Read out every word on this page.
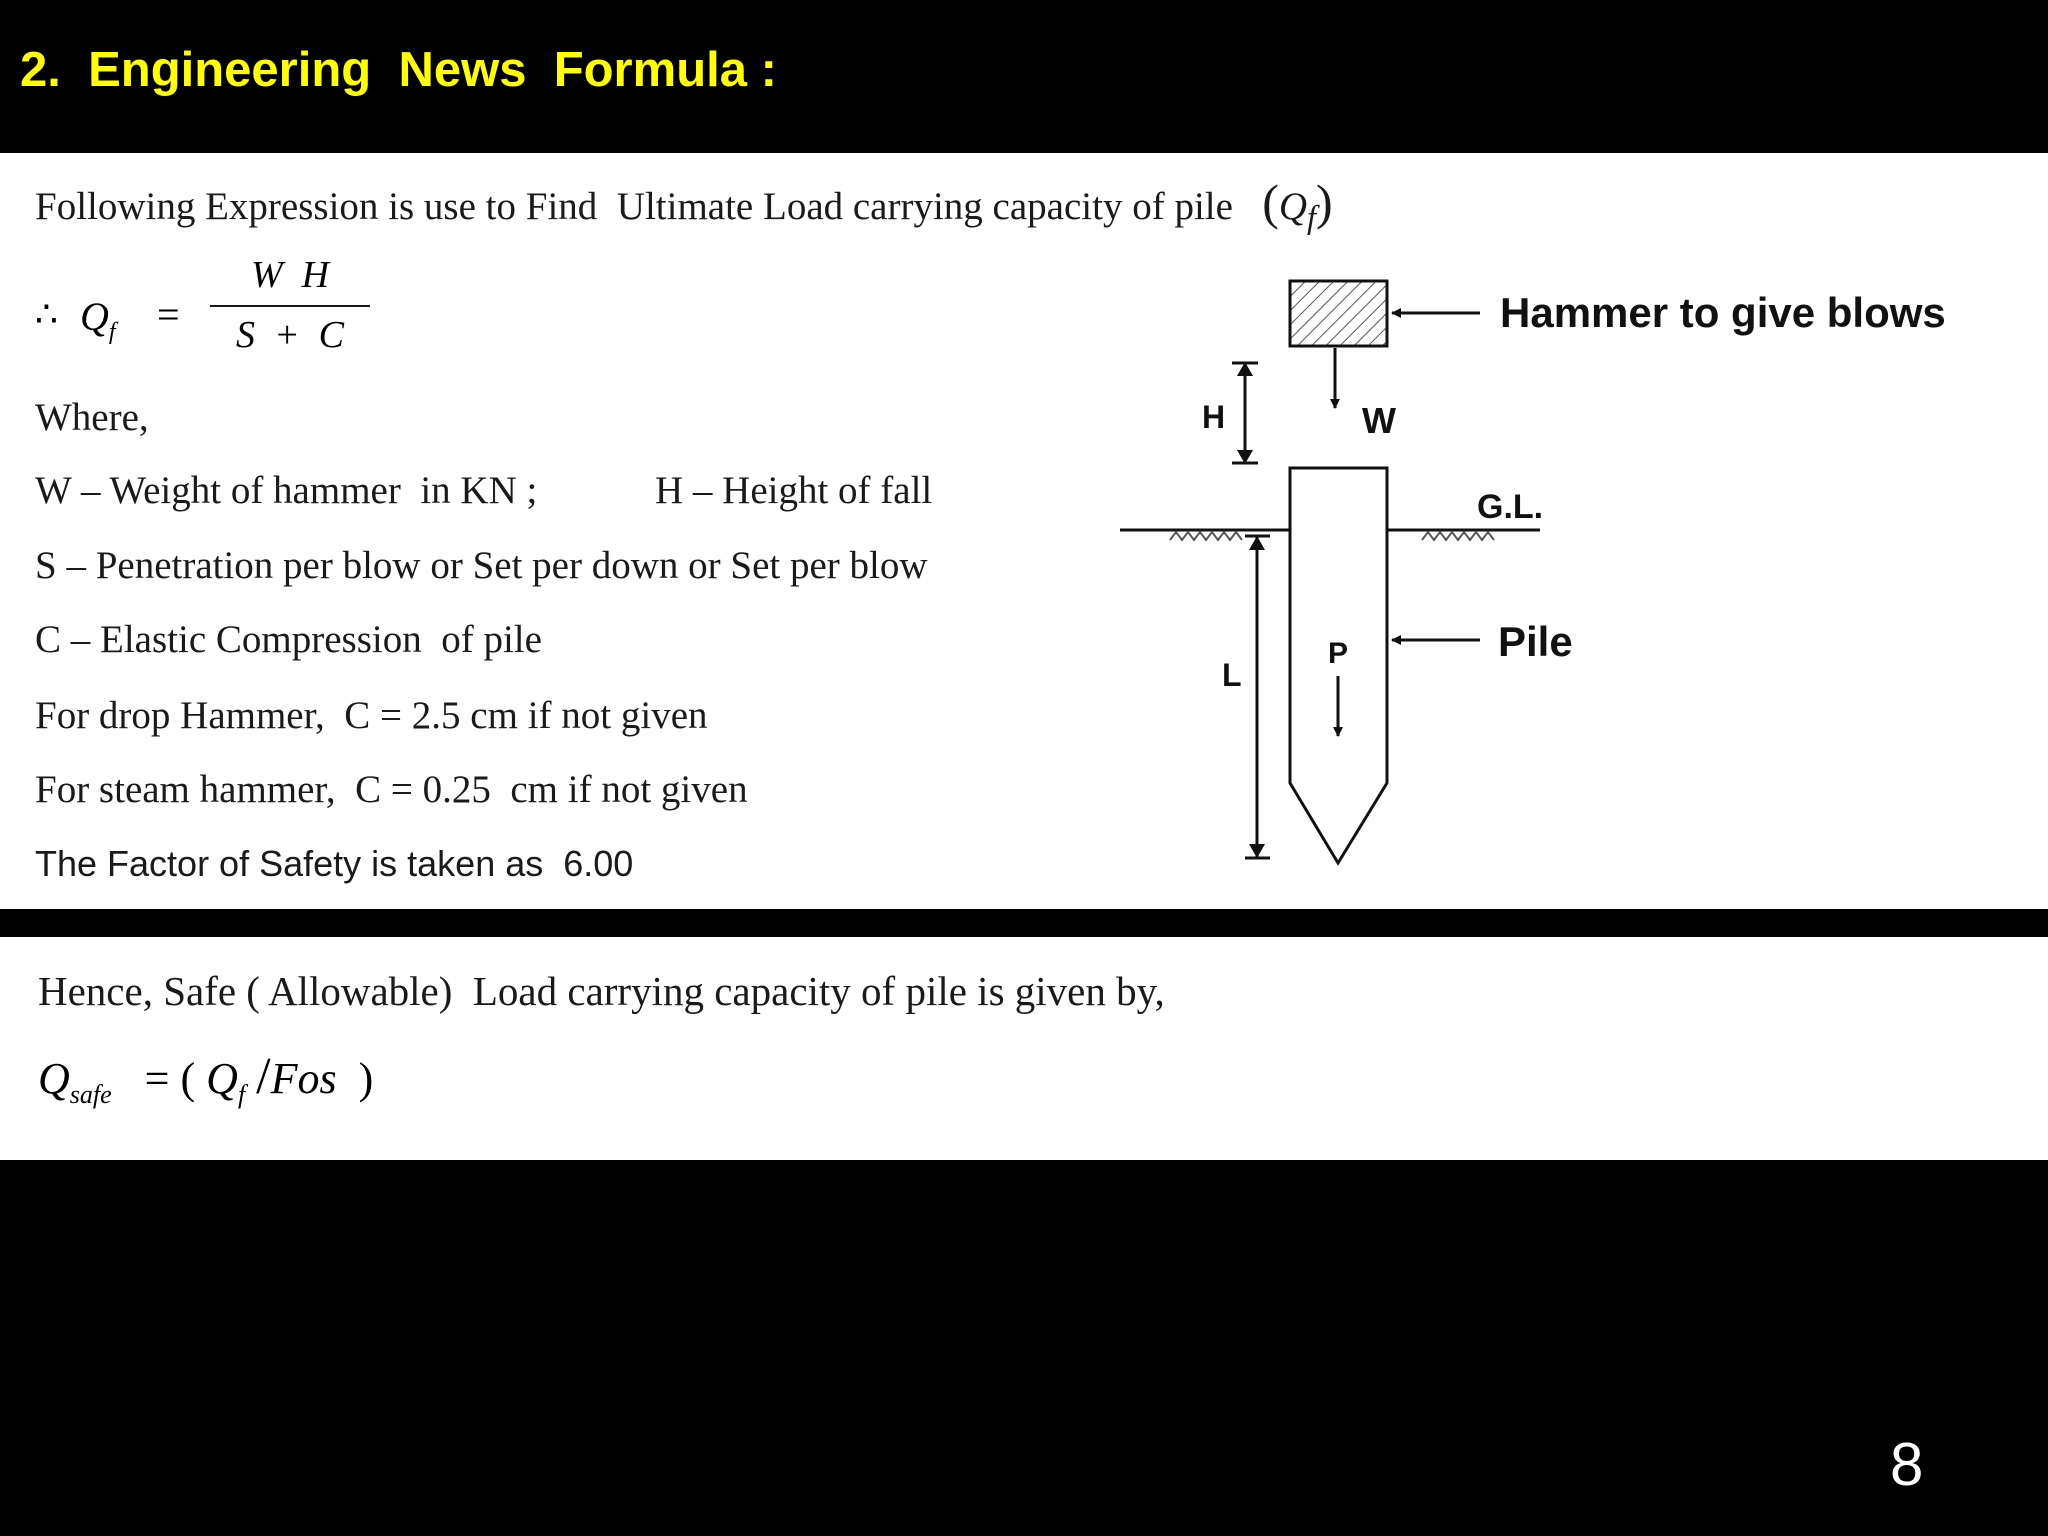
2.  Engineering  News  Formula :

Following Expression is use to Find  Ultimate Load carrying capacity of pile $(Q_f)$

∴ $Q_f$ =
W  H
S  +  C

Where,

W – Weight of hammer  in KN ;	H – Height of fall

S – Penetration per blow or Set per down or Set per blow

C – Elastic Compression  of pile

For drop Hammer,  C = 2.5 cm if not given

For steam hammer,  C = 0.25  cm if not given

The Factor of Safety is taken as  6.00

Hammer to give blows
W
H
G.L.
Pile
P
L

Hence, Safe ( Allowable)  Load carrying capacity of pile is given by,

$Q_{safe}$ = ( $Q_f$ /Fos )
8
